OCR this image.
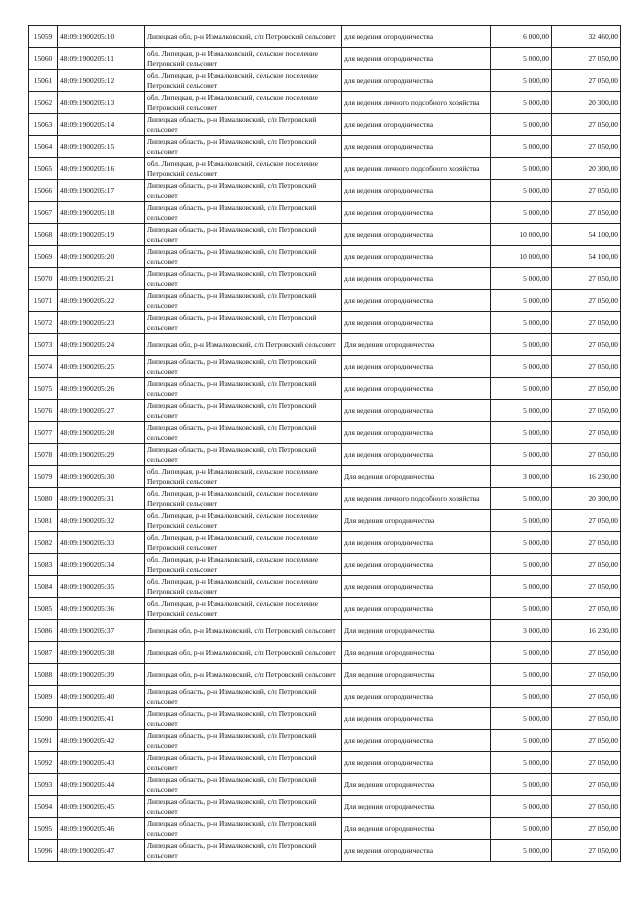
15059	48:09:1900205:10	Липецкая обл, р-н Измалковский, с/п Петровский сельсовет	для ведения огородничества	6 000,00	32 460,00
15060	48:09:1900205:11	обл. Липецкая, р-н Измалковский, сельское поселение Петровский сельсовет	для ведения огородничества	5 000,00	27 050,00
15061	48:09:1900205:12	обл. Липецкая, р-н Измалковский, сельское поселение Петровский сельсовет	для ведения огородничества	5 000,00	27 050,00
15062	48:09:1900205:13	обл. Липецкая, р-н Измалковский, сельское поселение Петровский сельсовет	для ведения личного подсобного хозяйства	5 000,00	20 300,00
15063	48:09:1900205:14	Липецкая область, р-н Измалковский, с/п Петровский сельсовет	для ведения огородничества	5 000,00	27 050,00
15064	48:09:1900205:15	Липецкая область, р-н Измалковский, с/п Петровский сельсовет	для ведения огородничества	5 000,00	27 050,00
15065	48:09:1900205:16	обл. Липецкая, р-н Измалковский, сельское поселение Петровский сельсовет	для ведения личного подсобного хозяйства	5 000,00	20 300,00
15066	48:09:1900205:17	Липецкая область, р-н Измалковский, с/п Петровский сельсовет	для ведения огородничества	5 000,00	27 050,00
15067	48:09:1900205:18	Липецкая область, р-н Измалковский, с/п Петровский сельсовет	для ведения огородничества	5 000,00	27 050,00
15068	48:09:1900205:19	Липецкая область, р-н Измалковский, с/п Петровский сельсовет	для ведения огородничества	10 000,00	54 100,00
15069	48:09:1900205:20	Липецкая область, р-н Измалковский, с/п Петровский сельсовет	для ведения огородничества	10 000,00	54 100,00
15070	48:09:1900205:21	Липецкая область, р-н Измалковский, с/п Петровский сельсовет	для ведения огородничества	5 000,00	27 050,00
15071	48:09:1900205:22	Липецкая область, р-н Измалковский, с/п Петровский сельсовет	для ведения огородничества	5 000,00	27 050,00
15072	48:09:1900205:23	Липецкая область, р-н Измалковский, с/п Петровский сельсовет	для ведения огородничества	5 000,00	27 050,00
15073	48:09:1900205:24	Липецкая обл, р-н Измалковский, с/п Петровский сельсовет	Для ведения огородничества	5 000,00	27 050,00
15074	48:09:1900205:25	Липецкая область, р-н Измалковский, с/п Петровский сельсовет	для ведения огородничества	5 000,00	27 050,00
15075	48:09:1900205:26	Липецкая область, р-н Измалковский, с/п Петровский сельсовет	для ведения огородничества	5 000,00	27 050,00
15076	48:09:1900205:27	Липецкая область, р-н Измалковский, с/п Петровский сельсовет	для ведения огородничества	5 000,00	27 050,00
15077	48:09:1900205:28	Липецкая область, р-н Измалковский, с/п Петровский сельсовет	для ведения огородничества	5 000,00	27 050,00
15078	48:09:1900205:29	Липецкая область, р-н Измалковский, с/п Петровский сельсовет	для ведения огородничества	5 000,00	27 050,00
15079	48:09:1900205:30	обл. Липецкая, р-н Измалковский, сельское поселение Петровский сельсовет	Для ведения огородничества	3 000,00	16 230,00
15080	48:09:1900205:31	обл. Липецкая, р-н Измалковский, сельское поселение Петровский сельсовет	для ведения личного подсобного хозяйства	5 000,00	20 300,00
15081	48:09:1900205:32	обл. Липецкая, р-н Измалковский, сельское поселение Петровский сельсовет	Для ведения огородничества	5 000,00	27 050,00
15082	48:09:1900205:33	обл. Липецкая, р-н Измалковский, сельское поселение Петровский сельсовет	для ведения огородничества	5 000,00	27 050,00
15083	48:09:1900205:34	обл. Липецкая, р-н Измалковский, сельское поселение Петровский сельсовет	для ведения огородничества	5 000,00	27 050,00
15084	48:09:1900205:35	обл. Липецкая, р-н Измалковский, сельское поселение Петровский сельсовет	для ведения огородничества	5 000,00	27 050,00
15085	48:09:1900205:36	обл. Липецкая, р-н Измалковский, сельское поселение Петровский сельсовет	для ведения огородничества	5 000,00	27 050,00
15086	48:09:1900205:37	Липецкая обл, р-н Измалковский, с/п Петровский сельсовет	Для ведения огородничества	3 000,00	16 230,00
15087	48:09:1900205:38	Липецкая обл, р-н Измалковский, с/п Петровский сельсовет	Для ведения огородничества	5 000,00	27 050,00
15088	48:09:1900205:39	Липецкая обл, р-н Измалковский, с/п Петровский сельсовет	Для ведения огородничества	5 000,00	27 050,00
15089	48:09:1900205:40	Липецкая область, р-н Измалковский, с/п Петровский сельсовет	для ведения огородничества	5 000,00	27 050,00
15090	48:09:1900205:41	Липецкая область, р-н Измалковский, с/п Петровский сельсовет	для ведения огородничества	5 000,00	27 050,00
15091	48:09:1900205:42	Липецкая область, р-н Измалковский, с/п Петровский сельсовет	для ведения огородничества	5 000,00	27 050,00
15092	48:09:1900205:43	Липецкая область, р-н Измалковский, с/п Петровский сельсовет	для ведения огородничества	5 000,00	27 050,00
15093	48:09:1900205:44	Липецкая область, р-н Измалковский, с/п Петровский сельсовет	Для ведения огородничества	5 000,00	27 050,00
15094	48:09:1900205:45	Липецкая область, р-н Измалковский, с/п Петровский сельсовет	Для ведения огородничества	5 000,00	27 050,00
15095	48:09:1900205:46	Липецкая область, р-н Измалковский, с/п Петровский сельсовет	Для ведения огородничества	5 000,00	27 050,00
15096	48:09:1900205:47	Липецкая область, р-н Измалковский, с/п Петровский сельсовет	для ведения огородничества	5 000,00	27 050,00
